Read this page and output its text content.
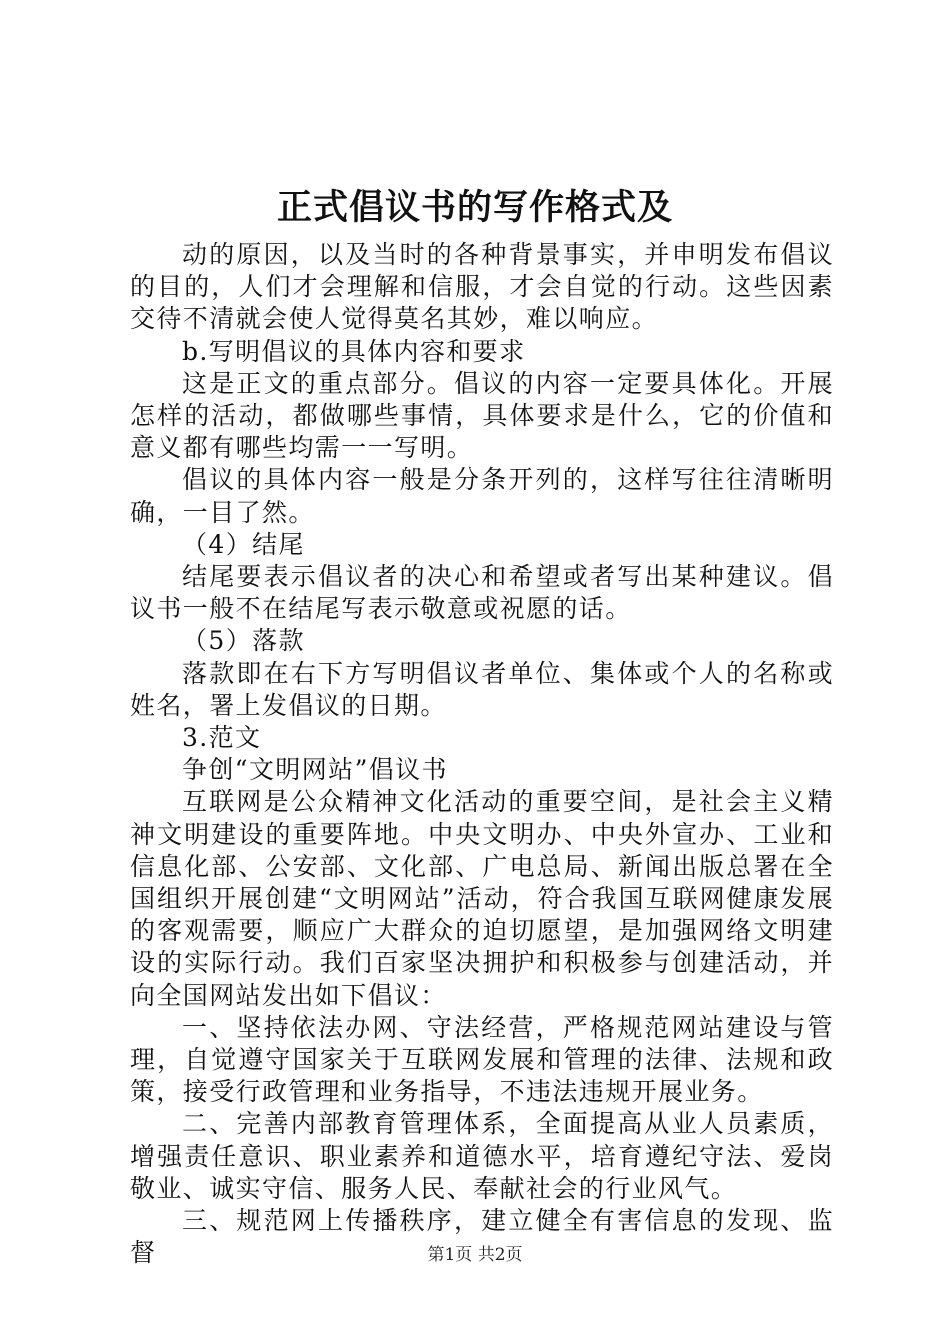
正式倡议书的写作格式及

动的原因，以及当时的各种背景事实，并申明发布倡议的目的，人们才会理解和信服，才会自觉的行动。这些因素交待不清就会使人觉得莫名其妙，难以响应。

b.写明倡议的具体内容和要求

这是正文的重点部分。倡议的内容一定要具体化。开展怎样的活动，都做哪些事情，具体要求是什么，它的价值和意义都有哪些均需一一写明。

倡议的具体内容一般是分条开列的，这样写往往清晰明确，一目了然。

（4）结尾

结尾要表示倡议者的决心和希望或者写出某种建议。倡议书一般不在结尾写表示敬意或祝愿的话。

（5）落款

落款即在右下方写明倡议者单位、集体或个人的名称或姓名，署上发倡议的日期。

3.范文

争创“文明网站”倡议书

互联网是公众精神文化活动的重要空间，是社会主义精神文明建设的重要阵地。中央文明办、中央外宣办、工业和信息化部、公安部、文化部、广电总局、新闻出版总署在全国组织开展创建“文明网站”活动，符合我国互联网健康发展的客观需要，顺应广大群众的迫切愿望，是加强网络文明建设的实际行动。我们百家坚决拥护和积极参与创建活动，并向全国网站发出如下倡议：

一、坚持依法办网、守法经营，严格规范网站建设与管理，自觉遵守国家关于互联网发展和管理的法律、法规和政策，接受行政管理和业务指导，不违法违规开展业务。

二、完善内部教育管理体系，全面提高从业人员素质，增强责任意识、职业素养和道德水平，培育遵纪守法、爱岗敬业、诚实守信、服务人民、奉献社会的行业风气。

三、规范网上传播秩序，建立健全有害信息的发现、监督	第1页 共2页
